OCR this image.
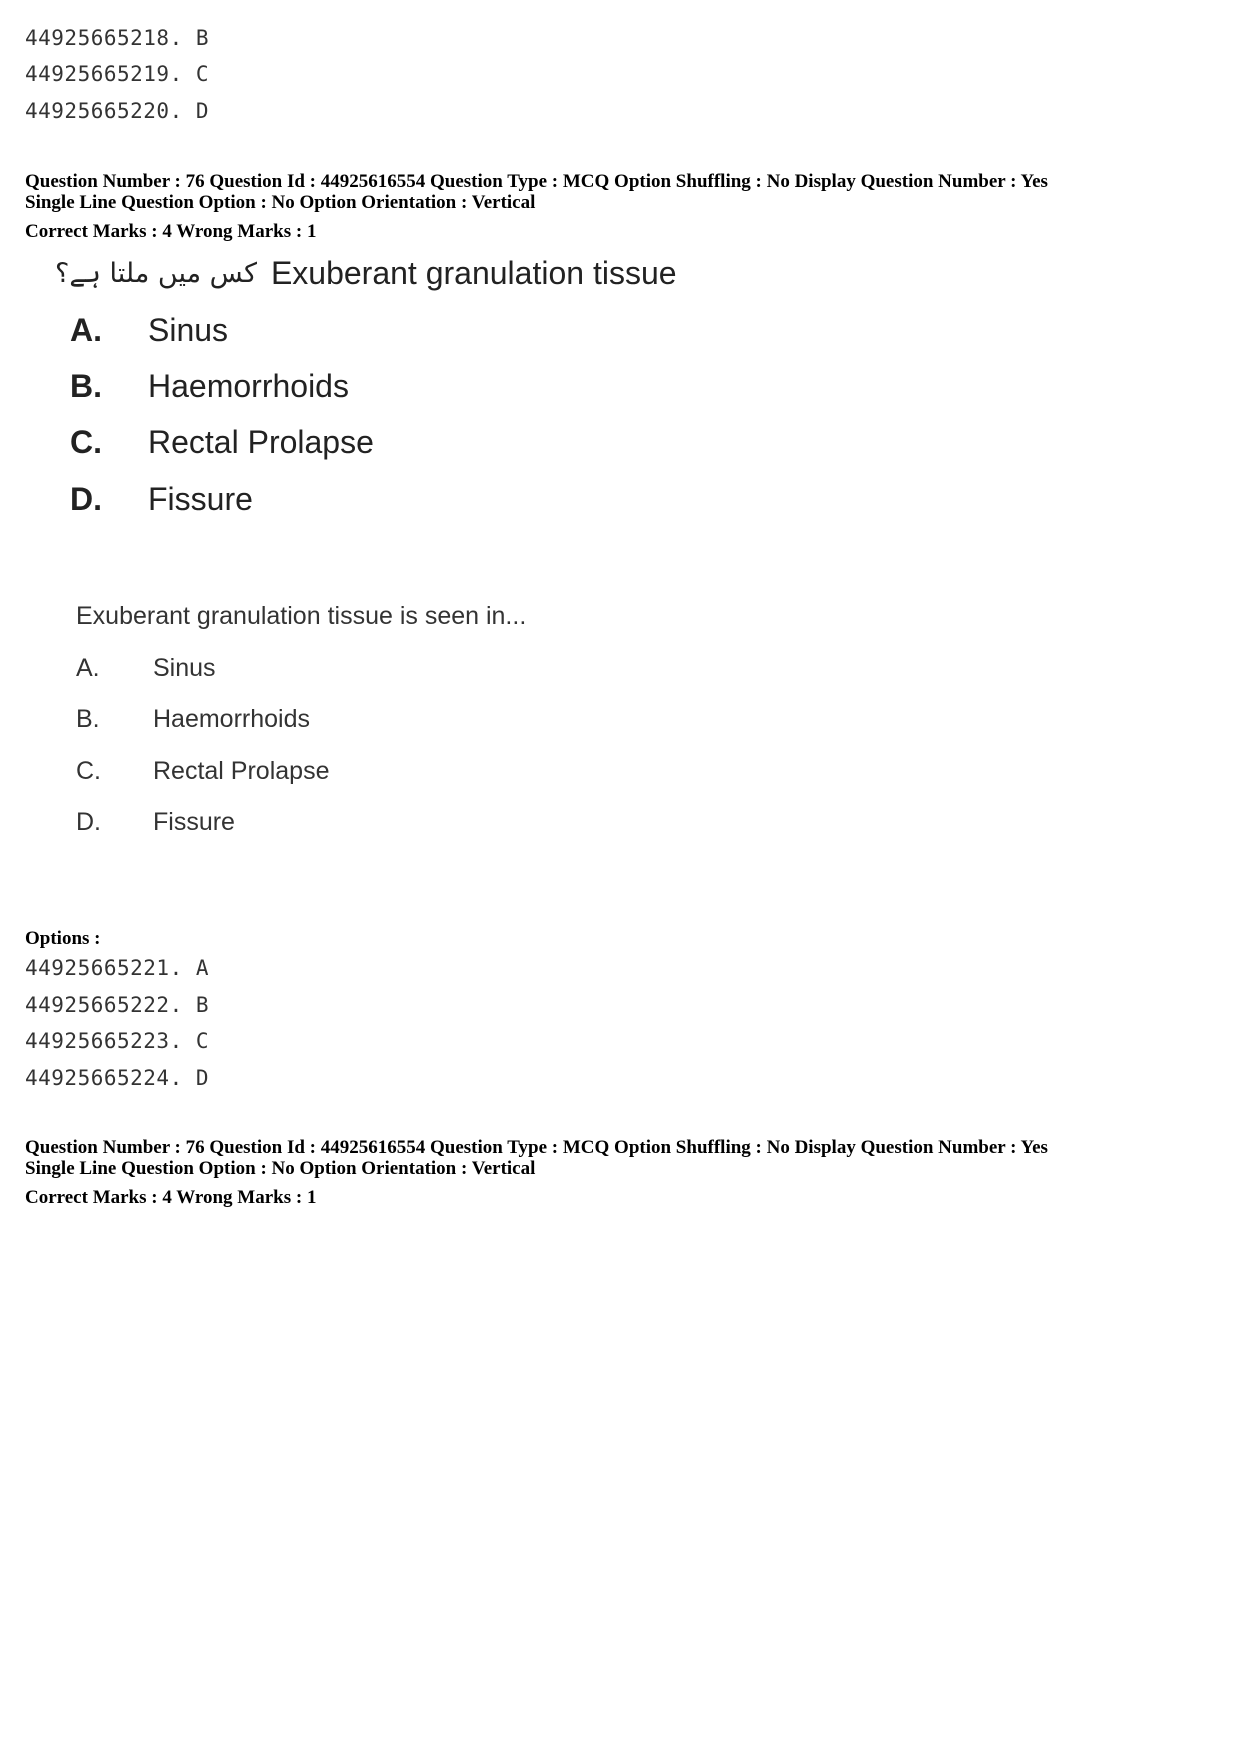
44925665218. B
44925665219. C
44925665220. D
Question Number : 76 Question Id : 44925616554 Question Type : MCQ Option Shuffling : No Display Question Number : Yes
Single Line Question Option : No Option Orientation : Vertical
Correct Marks : 4 Wrong Marks : 1
کس میں ملتا ہے؟ Exuberant granulation tissue
A.	Sinus
B.	Haemorrhoids
C.	Rectal Prolapse
D.	Fissure
Exuberant granulation tissue is seen in...
A.	Sinus
B.	Haemorrhoids
C.	Rectal Prolapse
D.	Fissure
Options :
44925665221. A
44925665222. B
44925665223. C
44925665224. D
Question Number : 76 Question Id : 44925616554 Question Type : MCQ Option Shuffling : No Display Question Number : Yes
Single Line Question Option : No Option Orientation : Vertical
Correct Marks : 4 Wrong Marks : 1
